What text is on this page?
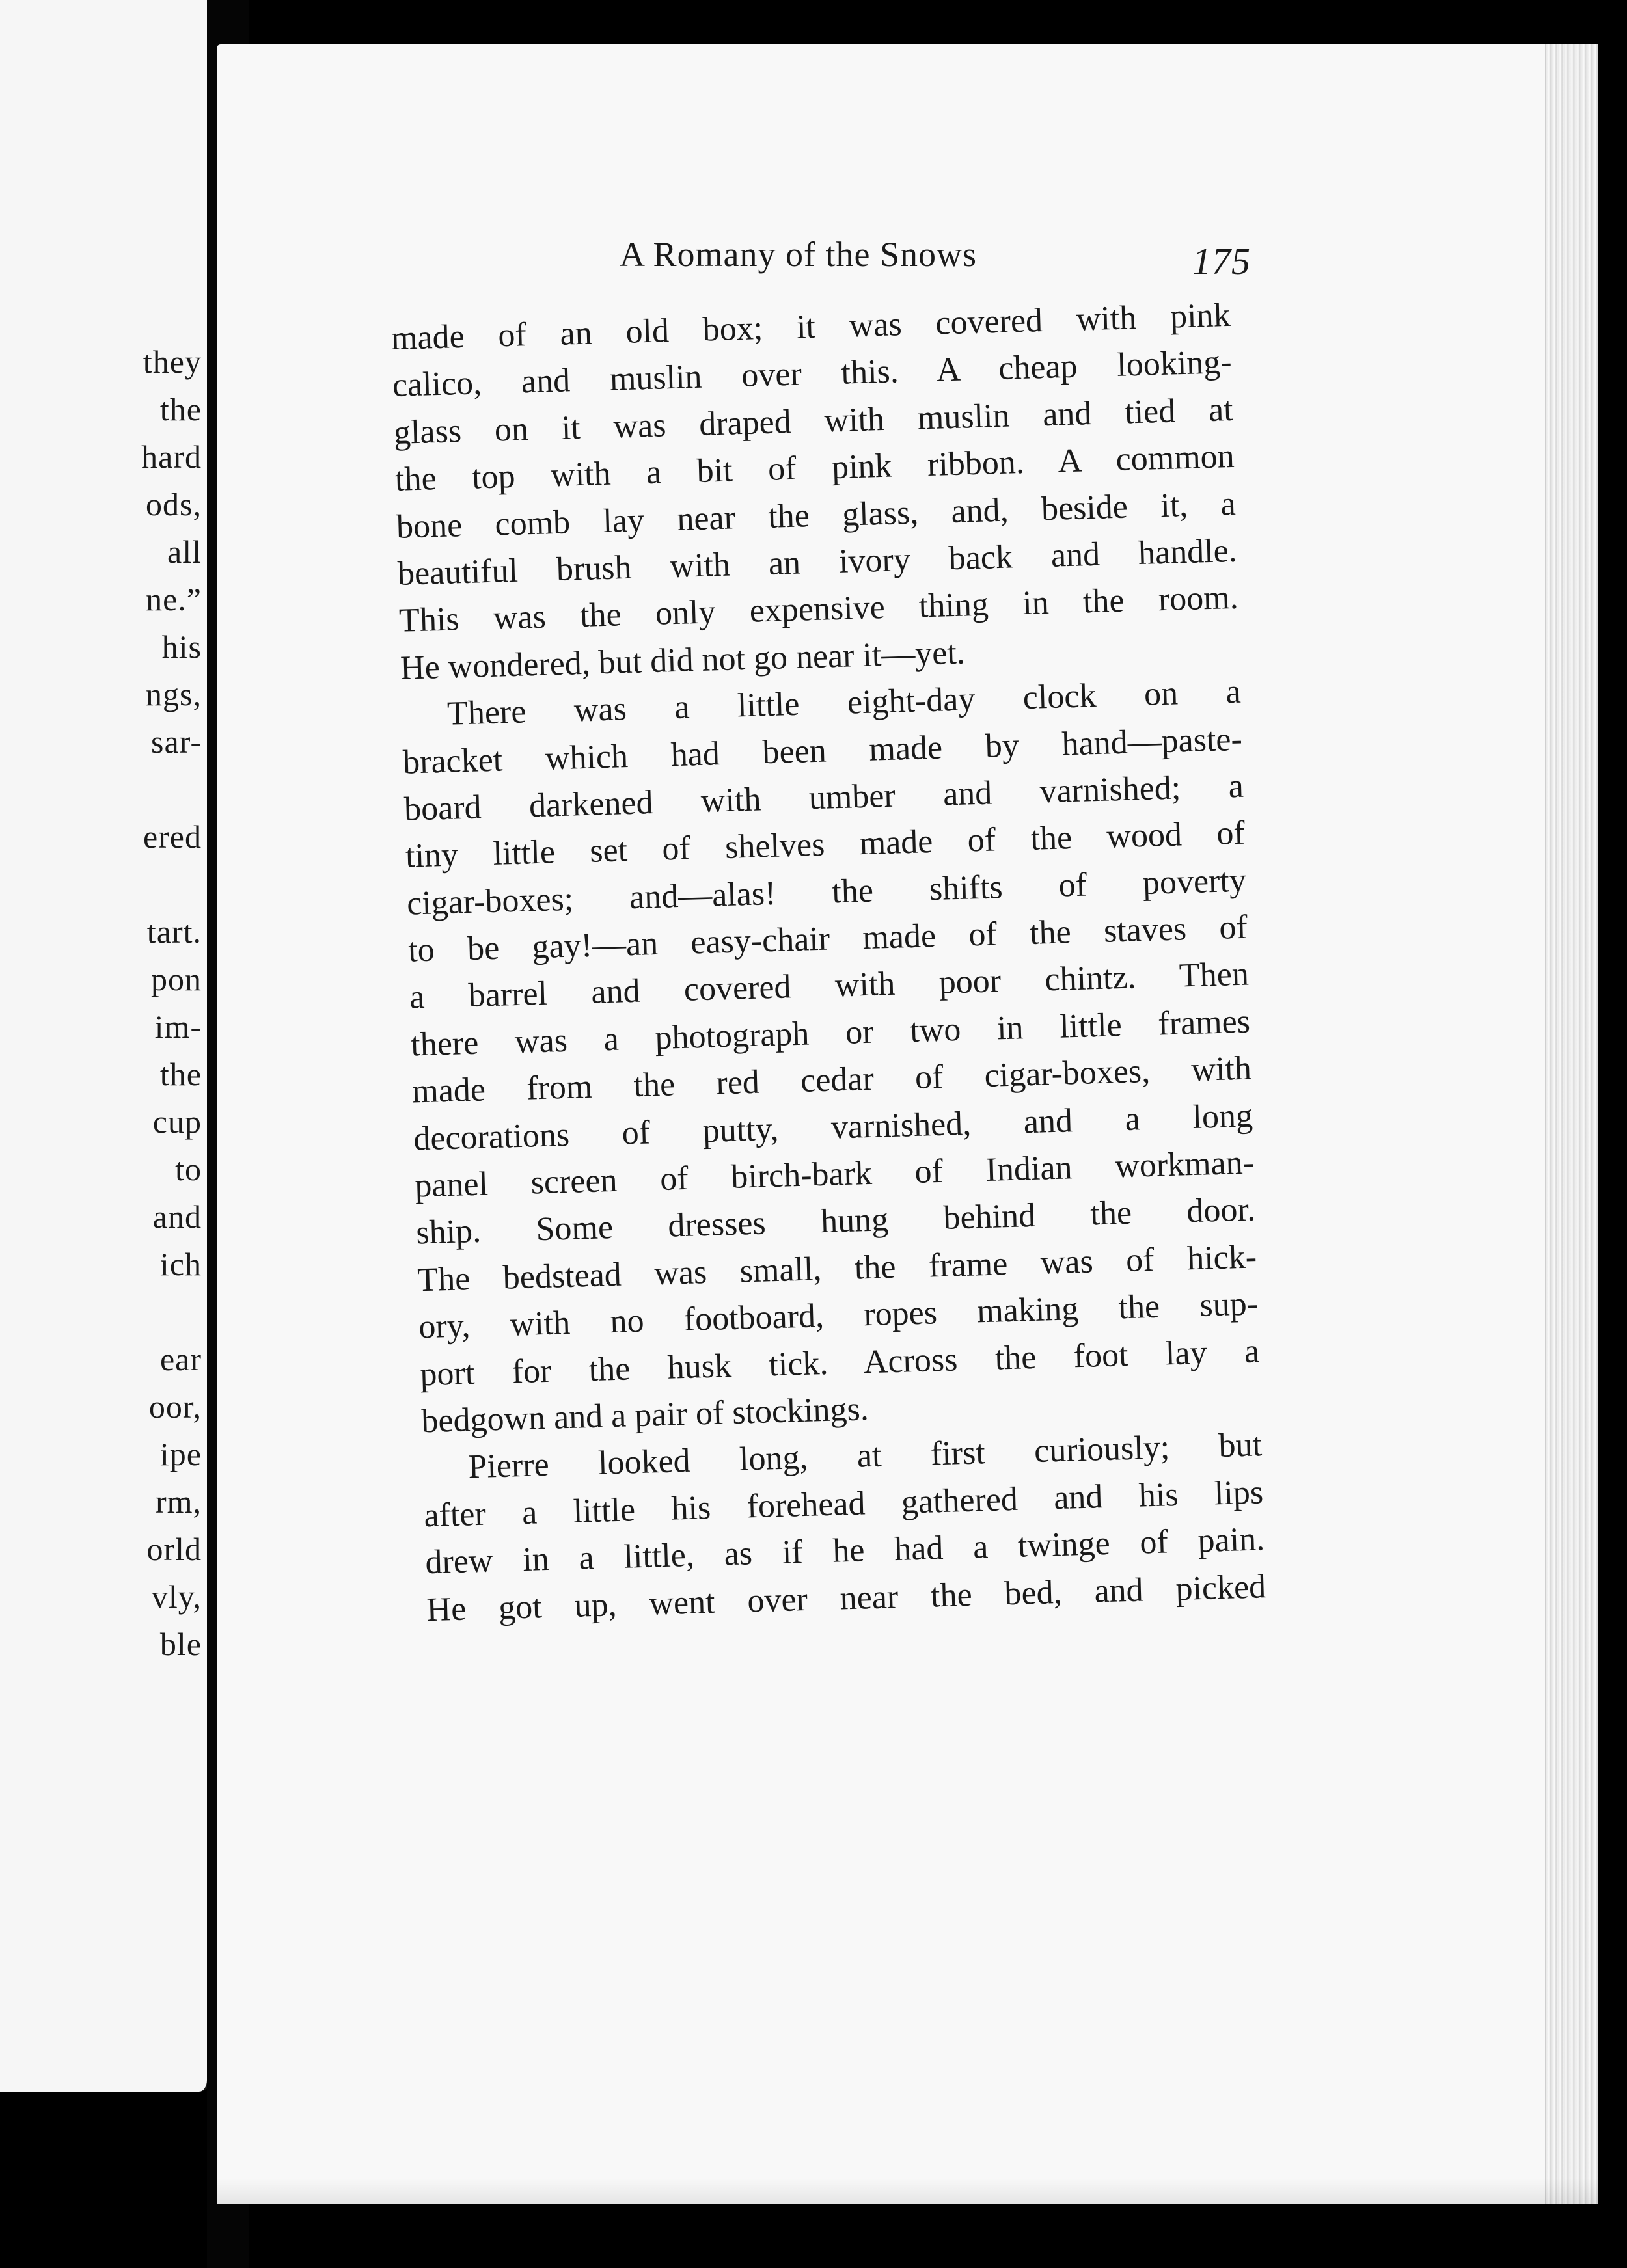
they
the
hard
ods,
all
ne.”
his
ngs,
sar-
ered
tart.
pon
im-
the
cup
to
and
ich
ear
oor,
ipe
rm,
orld
vly,
ble
A Romany of the Snows	175
made of an old box; it was covered with pink
calico, and muslin over this. A cheap looking-
glass on it was draped with muslin and tied at
the top with a bit of pink ribbon. A common
bone comb lay near the glass, and, beside it, a
beautiful brush with an ivory back and handle.
This was the only expensive thing in the room.
He wondered, but did not go near it—yet.
There was a little eight-day clock on a
bracket which had been made by hand—paste-
board darkened with umber and varnished; a
tiny little set of shelves made of the wood of
cigar-boxes; and—alas! the shifts of poverty
to be gay!—an easy-chair made of the staves of
a barrel and covered with poor chintz. Then
there was a photograph or two in little frames
made from the red cedar of cigar-boxes, with
decorations of putty, varnished, and a long
panel screen of birch-bark of Indian workman-
ship. Some dresses hung behind the door.
The bedstead was small, the frame was of hick-
ory, with no footboard, ropes making the sup-
port for the husk tick. Across the foot lay a
bedgown and a pair of stockings.
Pierre looked long, at first curiously; but
after a little his forehead gathered and his lips
drew in a little, as if he had a twinge of pain.
He got up, went over near the bed, and picked
